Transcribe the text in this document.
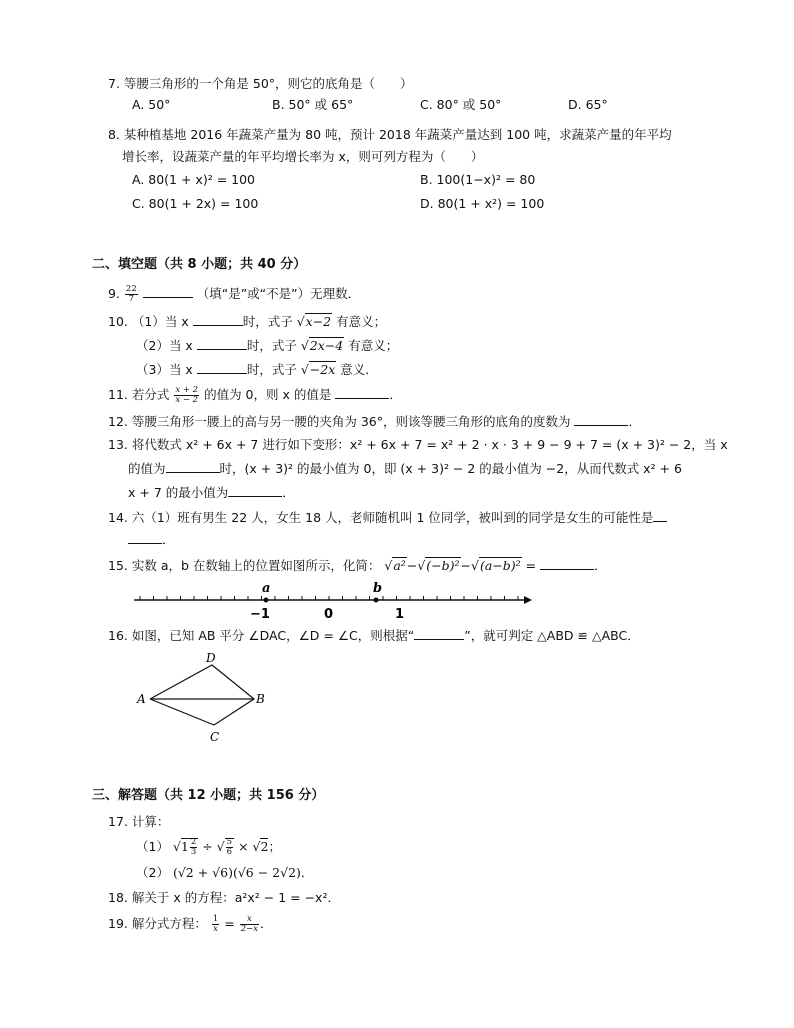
7. 等腰三角形的一个角是 50°，则它的底角是（　　）
A. 50°	B. 50° 或 65°	C. 80° 或 50°	D. 65°
8. 某种植基地 2016 年蔬菜产量为 80 吨，预计 2018 年蔬菜产量达到 100 吨，求蔬菜产量的年平均
增长率，设蔬菜产量的年平均增长率为 x，则可列方程为（　　）
A. 80(1 + x)² = 100	B. 100(1−x)² = 80
C. 80(1 + 2x) = 100	D. 80(1 + x²) = 100
二、填空题（共 8 小题；共 40 分）
9. $\frac{22}{7}$	（填“是”或“不是”）无理数．
10. （1）当 x	时，式子 √x−2 有意义；
（2）当 x	时，式子 √2x−4 有意义；
（3）当 x	时，式子 √−2x 意义．
11. 若分式 $\frac{x + 2}{x - 2}$ 的值为 0，则 x 的值是	．
12. 等腰三角形一腰上的高与另一腰的夹角为 36°，则该等腰三角形的底角的度数为	．
13. 将代数式 x² + 6x + 7 进行如下变形：x² + 6x + 7 = x² + 2 · x · 3 + 9 − 9 + 7 = (x + 3)² − 2，当 x
的值为	时，(x + 3)² 的最小值为 0，即 (x + 3)² − 2 的最小值为 −2，从而代数式 x² + 6
x + 7 的最小值为	．
14. 六（1）班有男生 22 人，女生 18 人，老师随机叫 1 位同学，被叫到的同学是女生的可能性是
．
15. 实数 a，b 在数轴上的位置如图所示，化简： √a²−√(−b)²−√(a−b)² =	．
a	b
−1	0	1
16. 如图，已知 AB 平分 ∠DAC，∠D = ∠C，则根据“	”，就可判定 △ABD ≌ △ABC．
D
A	B
C
三、解答题（共 12 小题；共 156 分）
17. 计算：
（1） $√1 \frac{2}{3}$ ÷ √ $\frac{5}{6} \times √2$；
（2） (√2 + √6)(√6 − 2√2)．
18. 解关于 x 的方程：a²x² − 1 = −x²．
19. 解分式方程： $\frac{1}{x} = \frac{x}{2-x}$ ．
